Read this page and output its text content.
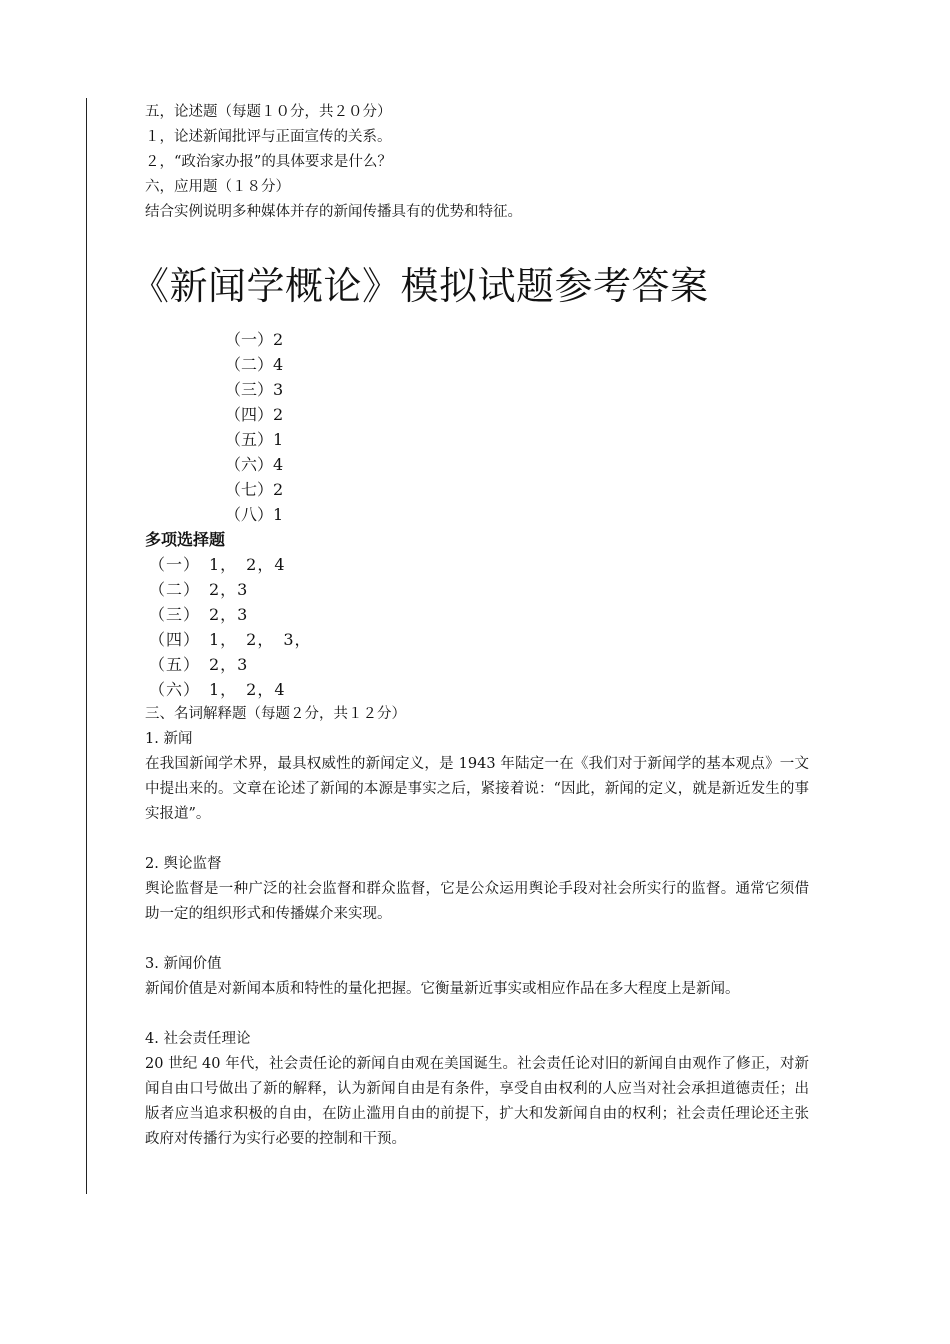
五，论述题（每题１０分，共２０分）
１，论述新闻批评与正面宣传的关系。
２，“政治家办报”的具体要求是什么？
六，应用题（１８分）
结合实例说明多种媒体并存的新闻传播具有的优势和特征。
《新闻学概论》模拟试题参考答案
（一）2
（二）4
（三）3
（四）2
（五）1
（六）4
（七）2
（八）1
多项选择题
（一）　1，　2，4
（二）　2，3
（三）　2，3
（四）　1，　2，　3，
（五）　2，3
（六）　1，　2，4
三、名词解释题（每题２分，共１２分）
1. 新闻
在我国新闻学术界，最具权威性的新闻定义，是 1943 年陆定一在《我们对于新闻学的基本观点》一文中提出来的。文章在论述了新闻的本源是事实之后，紧接着说：“因此，新闻的定义，就是新近发生的事实报道”。
2. 舆论监督
舆论监督是一种广泛的社会监督和群众监督，它是公众运用舆论手段对社会所实行的监督。通常它须借助一定的组织形式和传播媒介来实现。
3. 新闻价值
新闻价值是对新闻本质和特性的量化把握。它衡量新近事实或相应作品在多大程度上是新闻。
4. 社会责任理论
20 世纪 40 年代，社会责任论的新闻自由观在美国诞生。社会责任论对旧的新闻自由观作了修正，对新闻自由口号做出了新的解释，认为新闻自由是有条件，享受自由权利的人应当对社会承担道德责任；出版者应当追求积极的自由，在防止滥用自由的前提下，扩大和发新闻自由的权利；社会责任理论还主张政府对传播行为实行必要的控制和干预。
